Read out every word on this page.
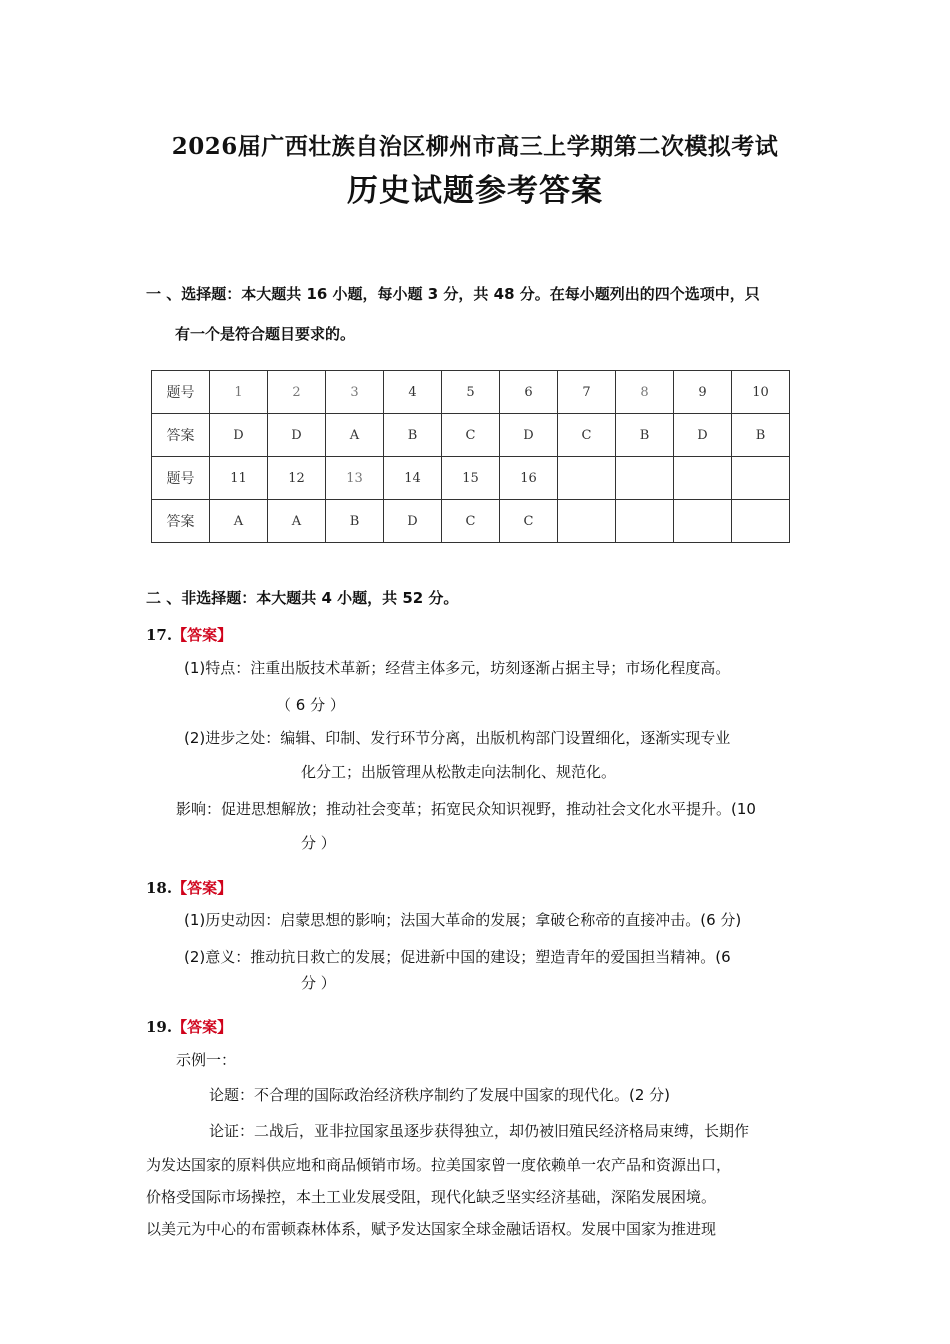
2026届广西壮族自治区柳州市高三上学期第二次模拟考试
历史试题参考答案
一 、选择题：本大题共 16 小题，每小题 3 分，共 48 分。在每小题列出的四个选项中，只
有一个是符合题目要求的。
题号	1	2	3	4	5	6	7	8	9	10
答案	D	D	A	B	C	D	C	B	D	B
题号	11	12	13	14	15	16				
答案	A	A	B	D	C	C				
二 、非选择题：本大题共 4 小题，共 52 分。
17.【答案】
(1)特点：注重出版技术革新；经营主体多元，坊刻逐渐占据主导；市场化程度高。
（ 6 分 ）
(2)进步之处：编辑、印制、发行环节分离，出版机构部门设置细化，逐渐实现专业
化分工；出版管理从松散走向法制化、规范化。
影响：促进思想解放；推动社会变革；拓宽民众知识视野，推动社会文化水平提升。(10
分 ）
18.【答案】
(1)历史动因：启蒙思想的影响；法国大革命的发展；拿破仑称帝的直接冲击。(6 分)
(2)意义：推动抗日救亡的发展；促进新中国的建设；塑造青年的爱国担当精神。(6
分 ）
19.【答案】
示例一：
论题：不合理的国际政治经济秩序制约了发展中国家的现代化。(2 分)
论证：二战后，亚非拉国家虽逐步获得独立，却仍被旧殖民经济格局束缚，长期作
为发达国家的原料供应地和商品倾销市场。拉美国家曾一度依赖单一农产品和资源出口，
价格受国际市场操控，本土工业发展受阻，现代化缺乏坚实经济基础，深陷发展困境。
以美元为中心的布雷顿森林体系，赋予发达国家全球金融话语权。发展中国家为推进现
